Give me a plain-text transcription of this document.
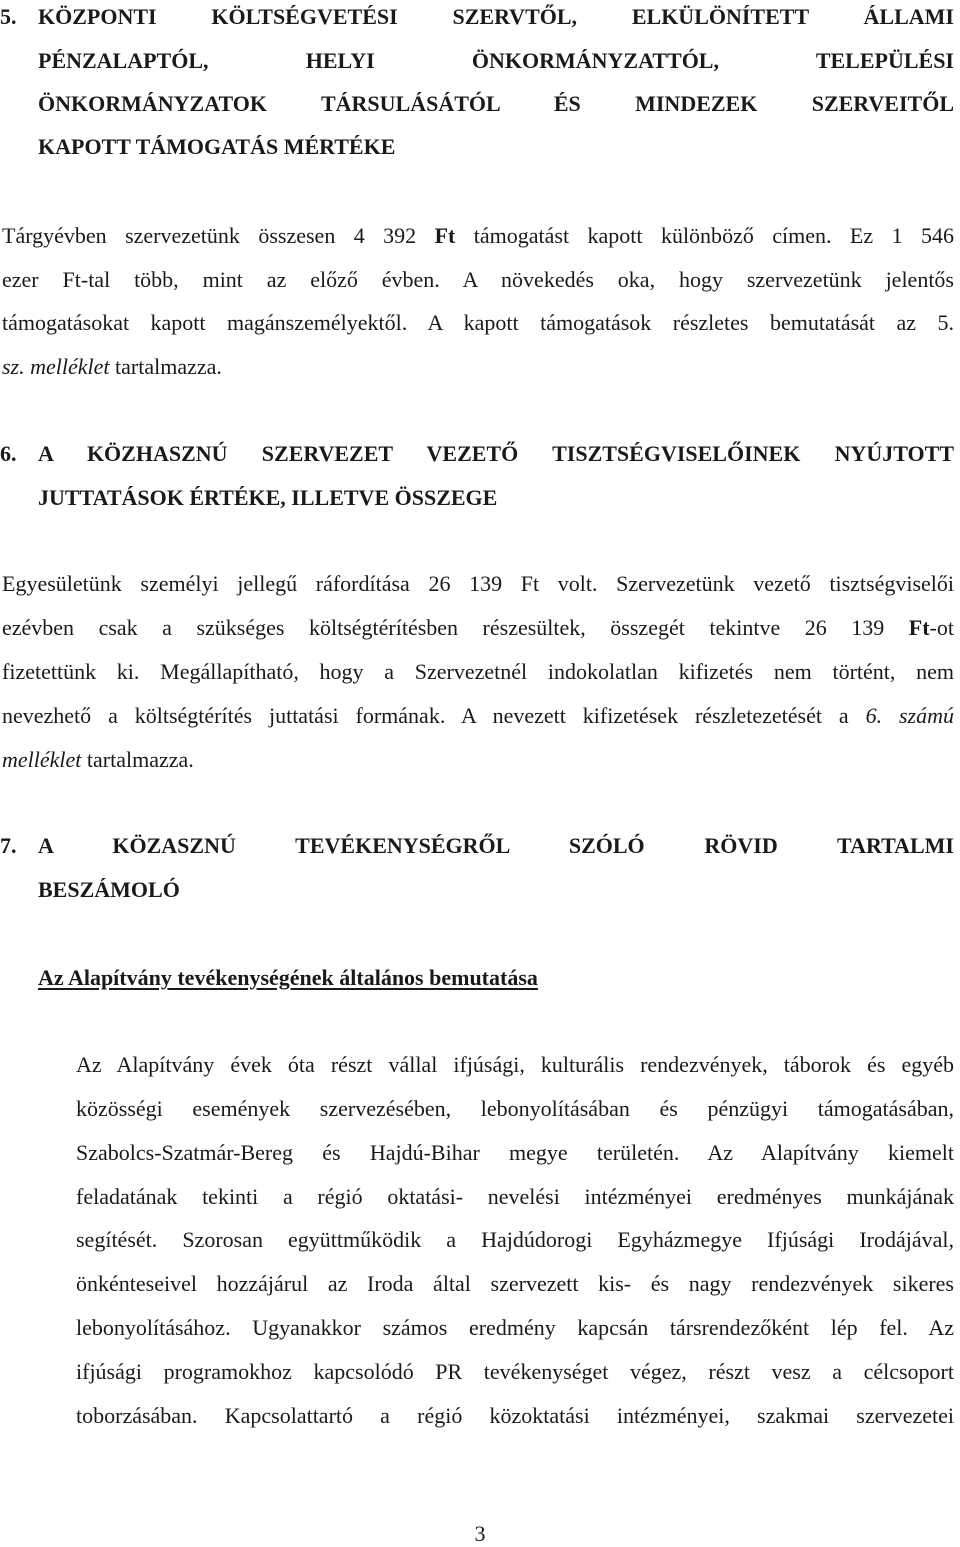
5. KÖZPONTI KÖLTSÉGVETÉSI SZERVTŐL, ELKÜLÖNÍTETT ÁLLAMI
PÉNZALAPTÓL, HELYI ÖNKORMÁNYZATTÓL, TELEPÜLÉSI
ÖNKORMÁNYZATOK TÁRSULÁSÁTÓL ÉS MINDEZEK SZERVEITŐL
KAPOTT TÁMOGATÁS MÉRTÉKE
Tárgyévben szervezetünk összesen 4 392 Ft támogatást kapott különböző címen. Ez 1 546
ezer Ft-tal több, mint az előző évben. A növekedés oka, hogy szervezetünk jelentős
támogatásokat kapott magánszemélyektől. A kapott támogatások részletes bemutatását az 5.
sz. melléklet tartalmazza.
6. A KÖZHASZNÚ SZERVEZET VEZETŐ TISZTSÉGVISELŐINEK NYÚJTOTT
JUTTATÁSOK ÉRTÉKE, ILLETVE ÖSSZEGE
Egyesületünk személyi jellegű ráfordítása 26 139 Ft volt. Szervezetünk vezető tisztségviselői
ezévben csak a szükséges költségtérítésben részesültek, összegét tekintve 26 139 Ft-ot
fizetettünk ki. Megállapítható, hogy a Szervezetnél indokolatlan kifizetés nem történt, nem
nevezhető a költségtérítés juttatási formának. A nevezett kifizetések részletezetését a 6. számú
melléklet tartalmazza.
7. A KÖZASZNÚ TEVÉKENYSÉGRŐL SZÓLÓ RÖVID TARTALMI
BESZÁMOLÓ
Az Alapítvány tevékenységének általános bemutatása
Az Alapítvány évek óta részt vállal ifjúsági, kulturális rendezvények, táborok és egyéb
közösségi események szervezésében, lebonyolításában és pénzügyi támogatásában,
Szabolcs-Szatmár-Bereg és Hajdú-Bihar megye területén. Az Alapítvány kiemelt
feladatának tekinti a régió oktatási- nevelési intézményei eredményes munkájának
segítését. Szorosan együttműködik a Hajdúdorogi Egyházmegye Ifjúsági Irodájával,
önkénteseivel hozzájárul az Iroda által szervezett kis- és nagy rendezvények sikeres
lebonyolításához. Ugyanakkor számos eredmény kapcsán társrendezőként lép fel. Az
ifjúsági programokhoz kapcsolódó PR tevékenységet végez, részt vesz a célcsoport
toborzásában. Kapcsolattartó a régió közoktatási intézményei, szakmai szervezetei
3
